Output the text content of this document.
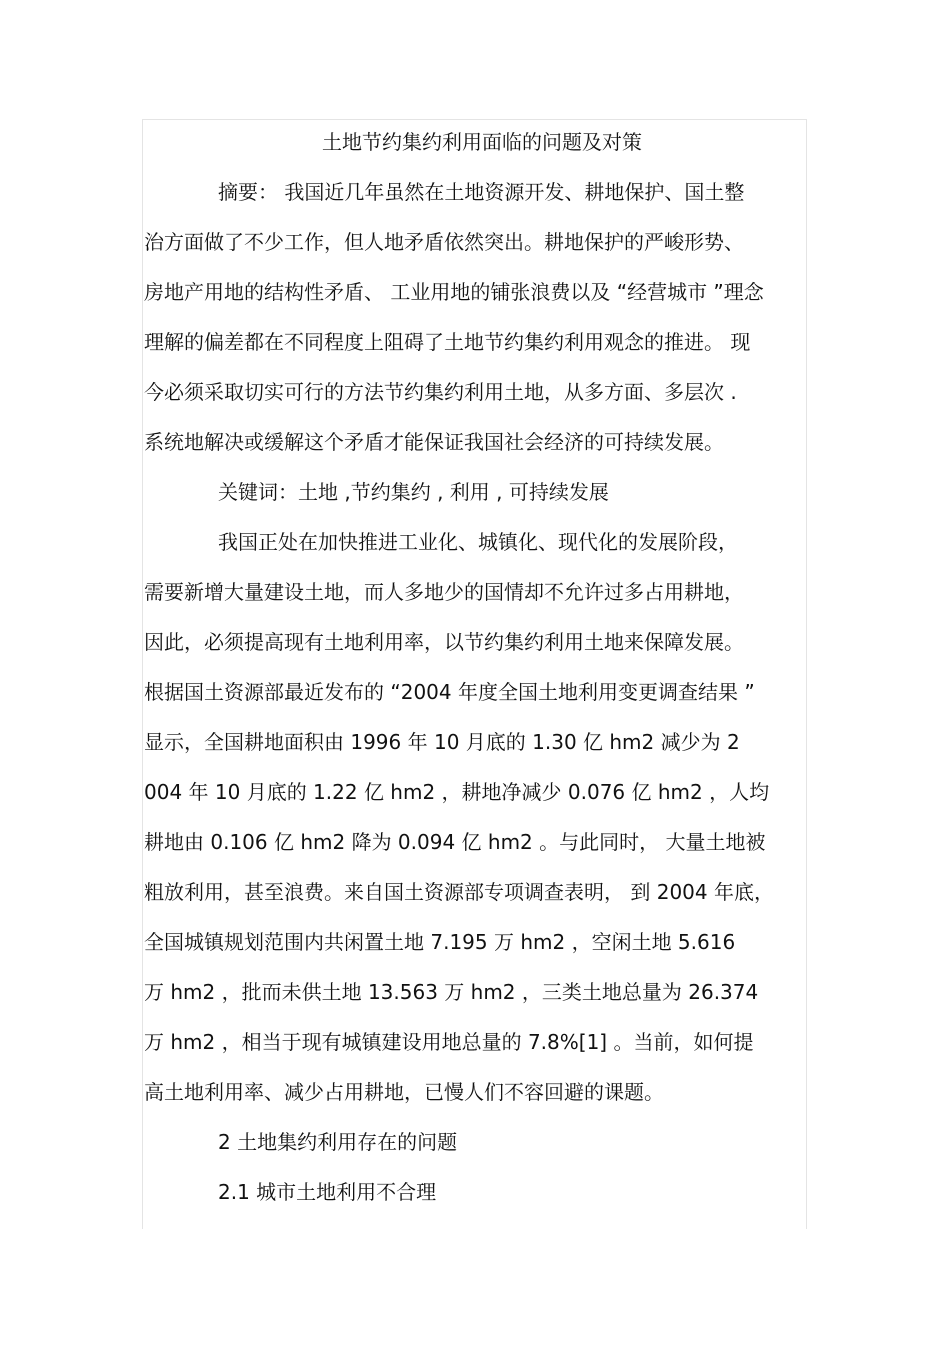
土地节约集约利用面临的问题及对策
摘要： 我国近几年虽然在土地资源开发、耕地保护、国土整
治方面做了不少工作，但人地矛盾依然突出。耕地保护的严峻形势、
房地产用地的结构性矛盾、 工业用地的铺张浪费以及 “经营城市 ”理念
理解的偏差都在不同程度上阻碍了土地节约集约利用观念的推进。 现
今必须采取切实可行的方法节约集约利用土地，从多方面、多层次 .
系统地解决或缓解这个矛盾才能保证我国社会经济的可持续发展。
关键词：土地 ,节约集约 , 利用 , 可持续发展
我国正处在加快推进工业化、城镇化、现代化的发展阶段，
需要新增大量建设土地，而人多地少的国情却不允许过多占用耕地，
因此，必须提高现有土地利用率，以节约集约利用土地来保障发展。
根据国土资源部最近发布的 “2004 年度全国土地利用变更调查结果 ”
显示，全国耕地面积由 1996 年 10 月底的 1.30 亿 hm2 减少为 2
004 年 10 月底的 1.22 亿 hm2 ，耕地净减少 0.076 亿 hm2 ，人均
耕地由 0.106 亿 hm2 降为 0.094 亿 hm2 。与此同时， 大量土地被
粗放利用，甚至浪费。来自国土资源部专项调查表明， 到 2004 年底，
全国城镇规划范围内共闲置土地 7.195 万 hm2 ，空闲土地 5.616
万 hm2 ，批而未供土地 13.563 万 hm2 ，三类土地总量为 26.374
万 hm2 ，相当于现有城镇建设用地总量的 7.8%[1] 。当前，如何提
高土地利用率、减少占用耕地，已慢人们不容回避的课题。
2 土地集约利用存在的问题
2.1 城市土地利用不合理
